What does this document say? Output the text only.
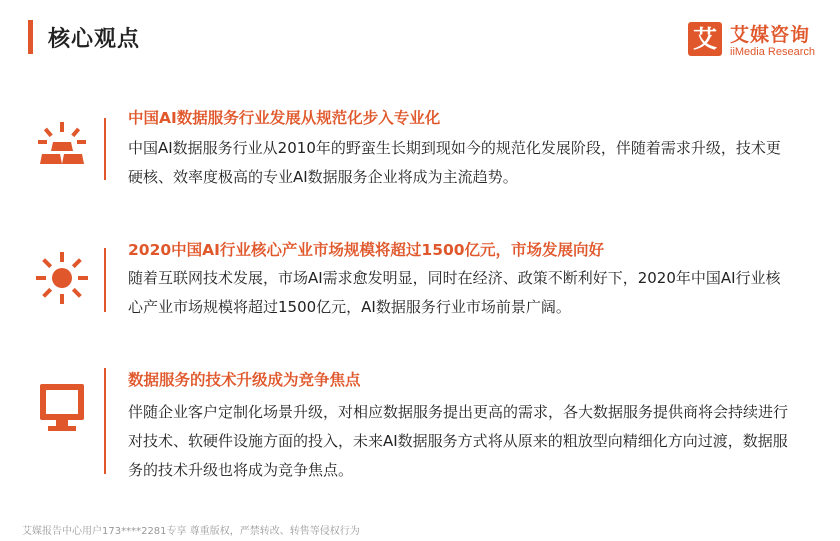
核心观点	艾 艾媒咨询
iiMedia Research
中国AI数据服务行业发展从规范化步入专业化
中国AI数据服务行业从2010年的野蛮生长期到现如今的规范化发展阶段，伴随着需求升级，技术更硬核、效率度极高的专业AI数据服务企业将成为主流趋势。
2020中国AI行业核心产业市场规模将超过1500亿元，市场发展向好
随着互联网技术发展，市场AI需求愈发明显，同时在经济、政策不断利好下，2020年中国AI行业核心产业市场规模将超过1500亿元，AI数据服务行业市场前景广阔。
数据服务的技术升级成为竞争焦点
伴随企业客户定制化场景升级，对相应数据服务提出更高的需求，各大数据服务提供商将会持续进行对技术、软硬件设施方面的投入，未来AI数据服务方式将从原来的粗放型向精细化方向过渡，数据服务的技术升级也将成为竞争焦点。
艾媒报告中心用户173****2281专享 尊重版权，严禁转改、转售等侵权行为
